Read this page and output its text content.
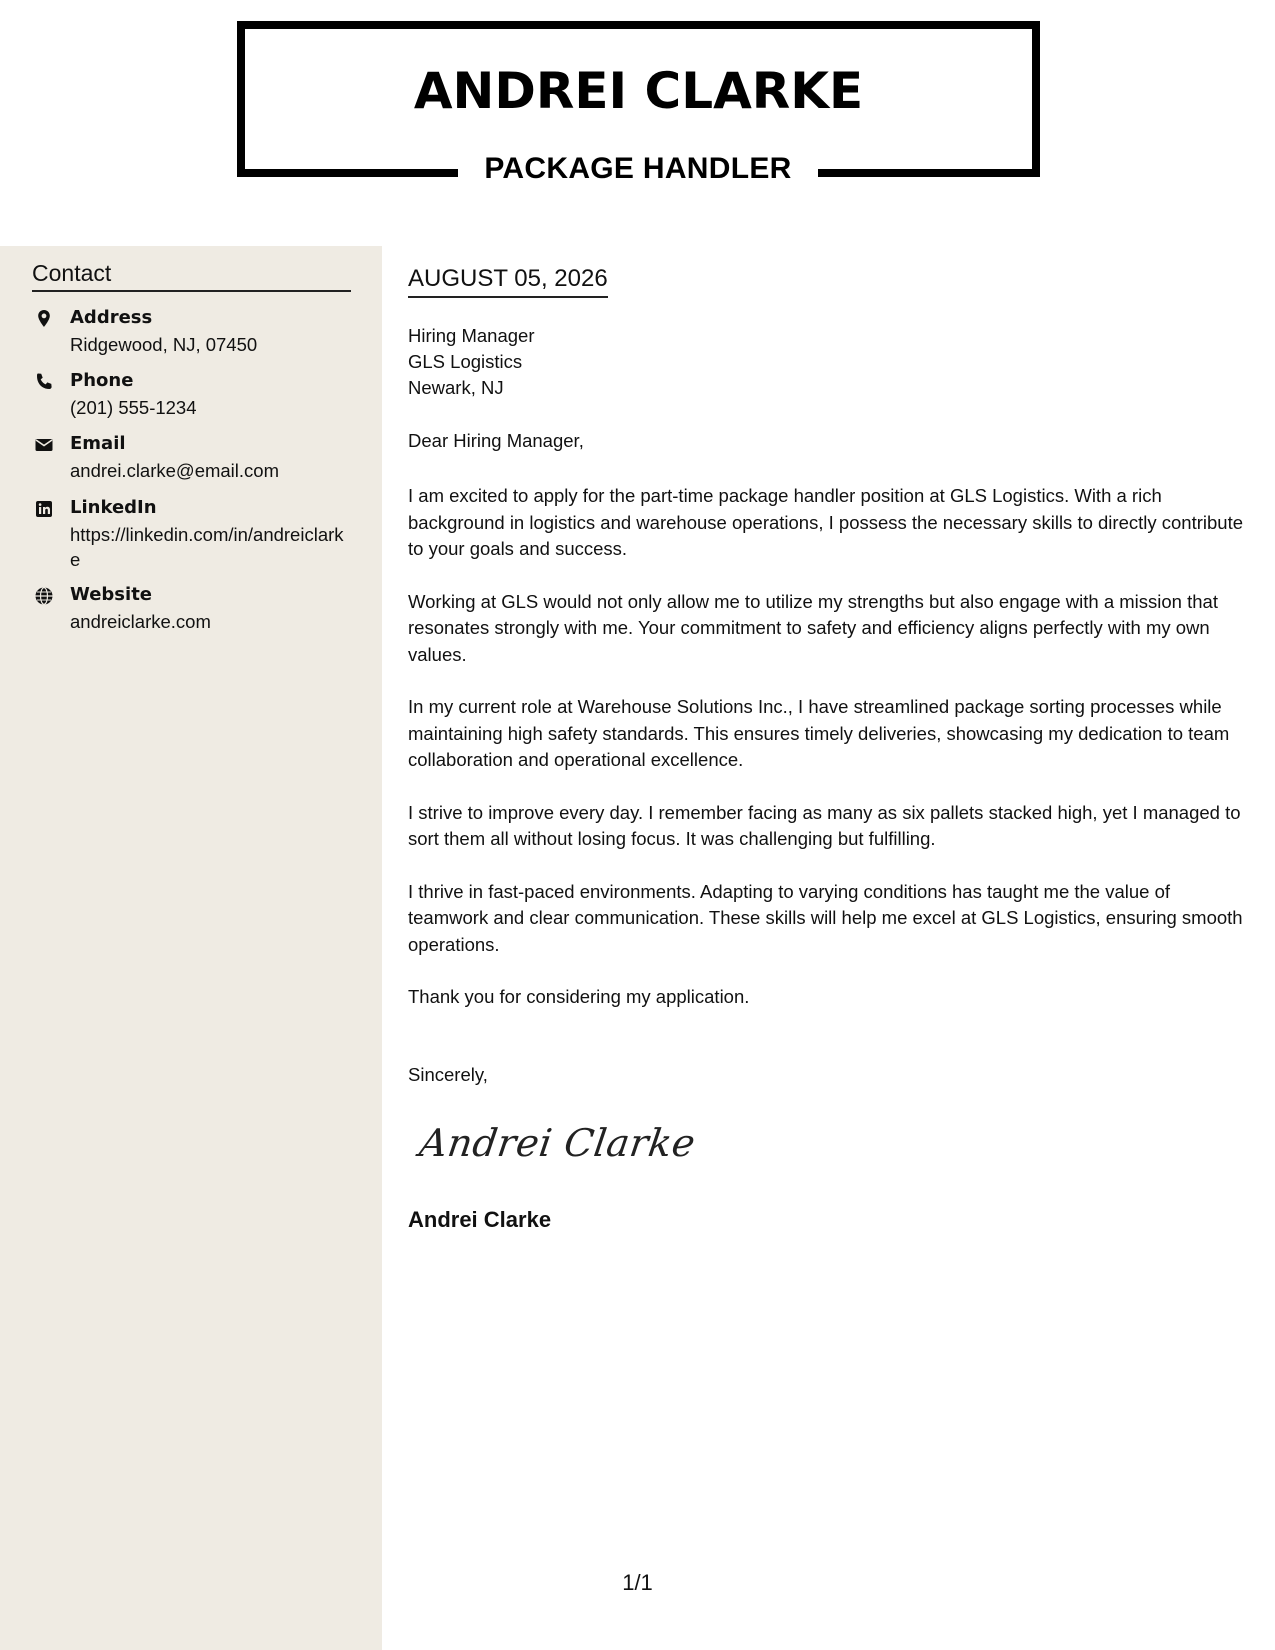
ANDREI CLARKE
PACKAGE HANDLER
Contact
Address
Ridgewood, NJ, 07450
Phone
(201) 555-1234
Email
andrei.clarke@email.com
LinkedIn
https://linkedin.com/in/andreiclarke
Website
andreiclarke.com
AUGUST 05, 2026
Hiring Manager
GLS Logistics
Newark, NJ
Dear Hiring Manager,

I am excited to apply for the part-time package handler position at GLS Logistics. With a rich background in logistics and warehouse operations, I possess the necessary skills to directly contribute to your goals and success.

Working at GLS would not only allow me to utilize my strengths but also engage with a mission that resonates strongly with me. Your commitment to safety and efficiency aligns perfectly with my own values.

In my current role at Warehouse Solutions Inc., I have streamlined package sorting processes while maintaining high safety standards. This ensures timely deliveries, showcasing my dedication to team collaboration and operational excellence.

I strive to improve every day. I remember facing as many as six pallets stacked high, yet I managed to sort them all without losing focus. It was challenging but fulfilling.

I thrive in fast-paced environments. Adapting to varying conditions has taught me the value of teamwork and clear communication. These skills will help me excel at GLS Logistics, ensuring smooth operations.

Thank you for considering my application.

Sincerely,
Andrei Clarke
Andrei Clarke
1/1
